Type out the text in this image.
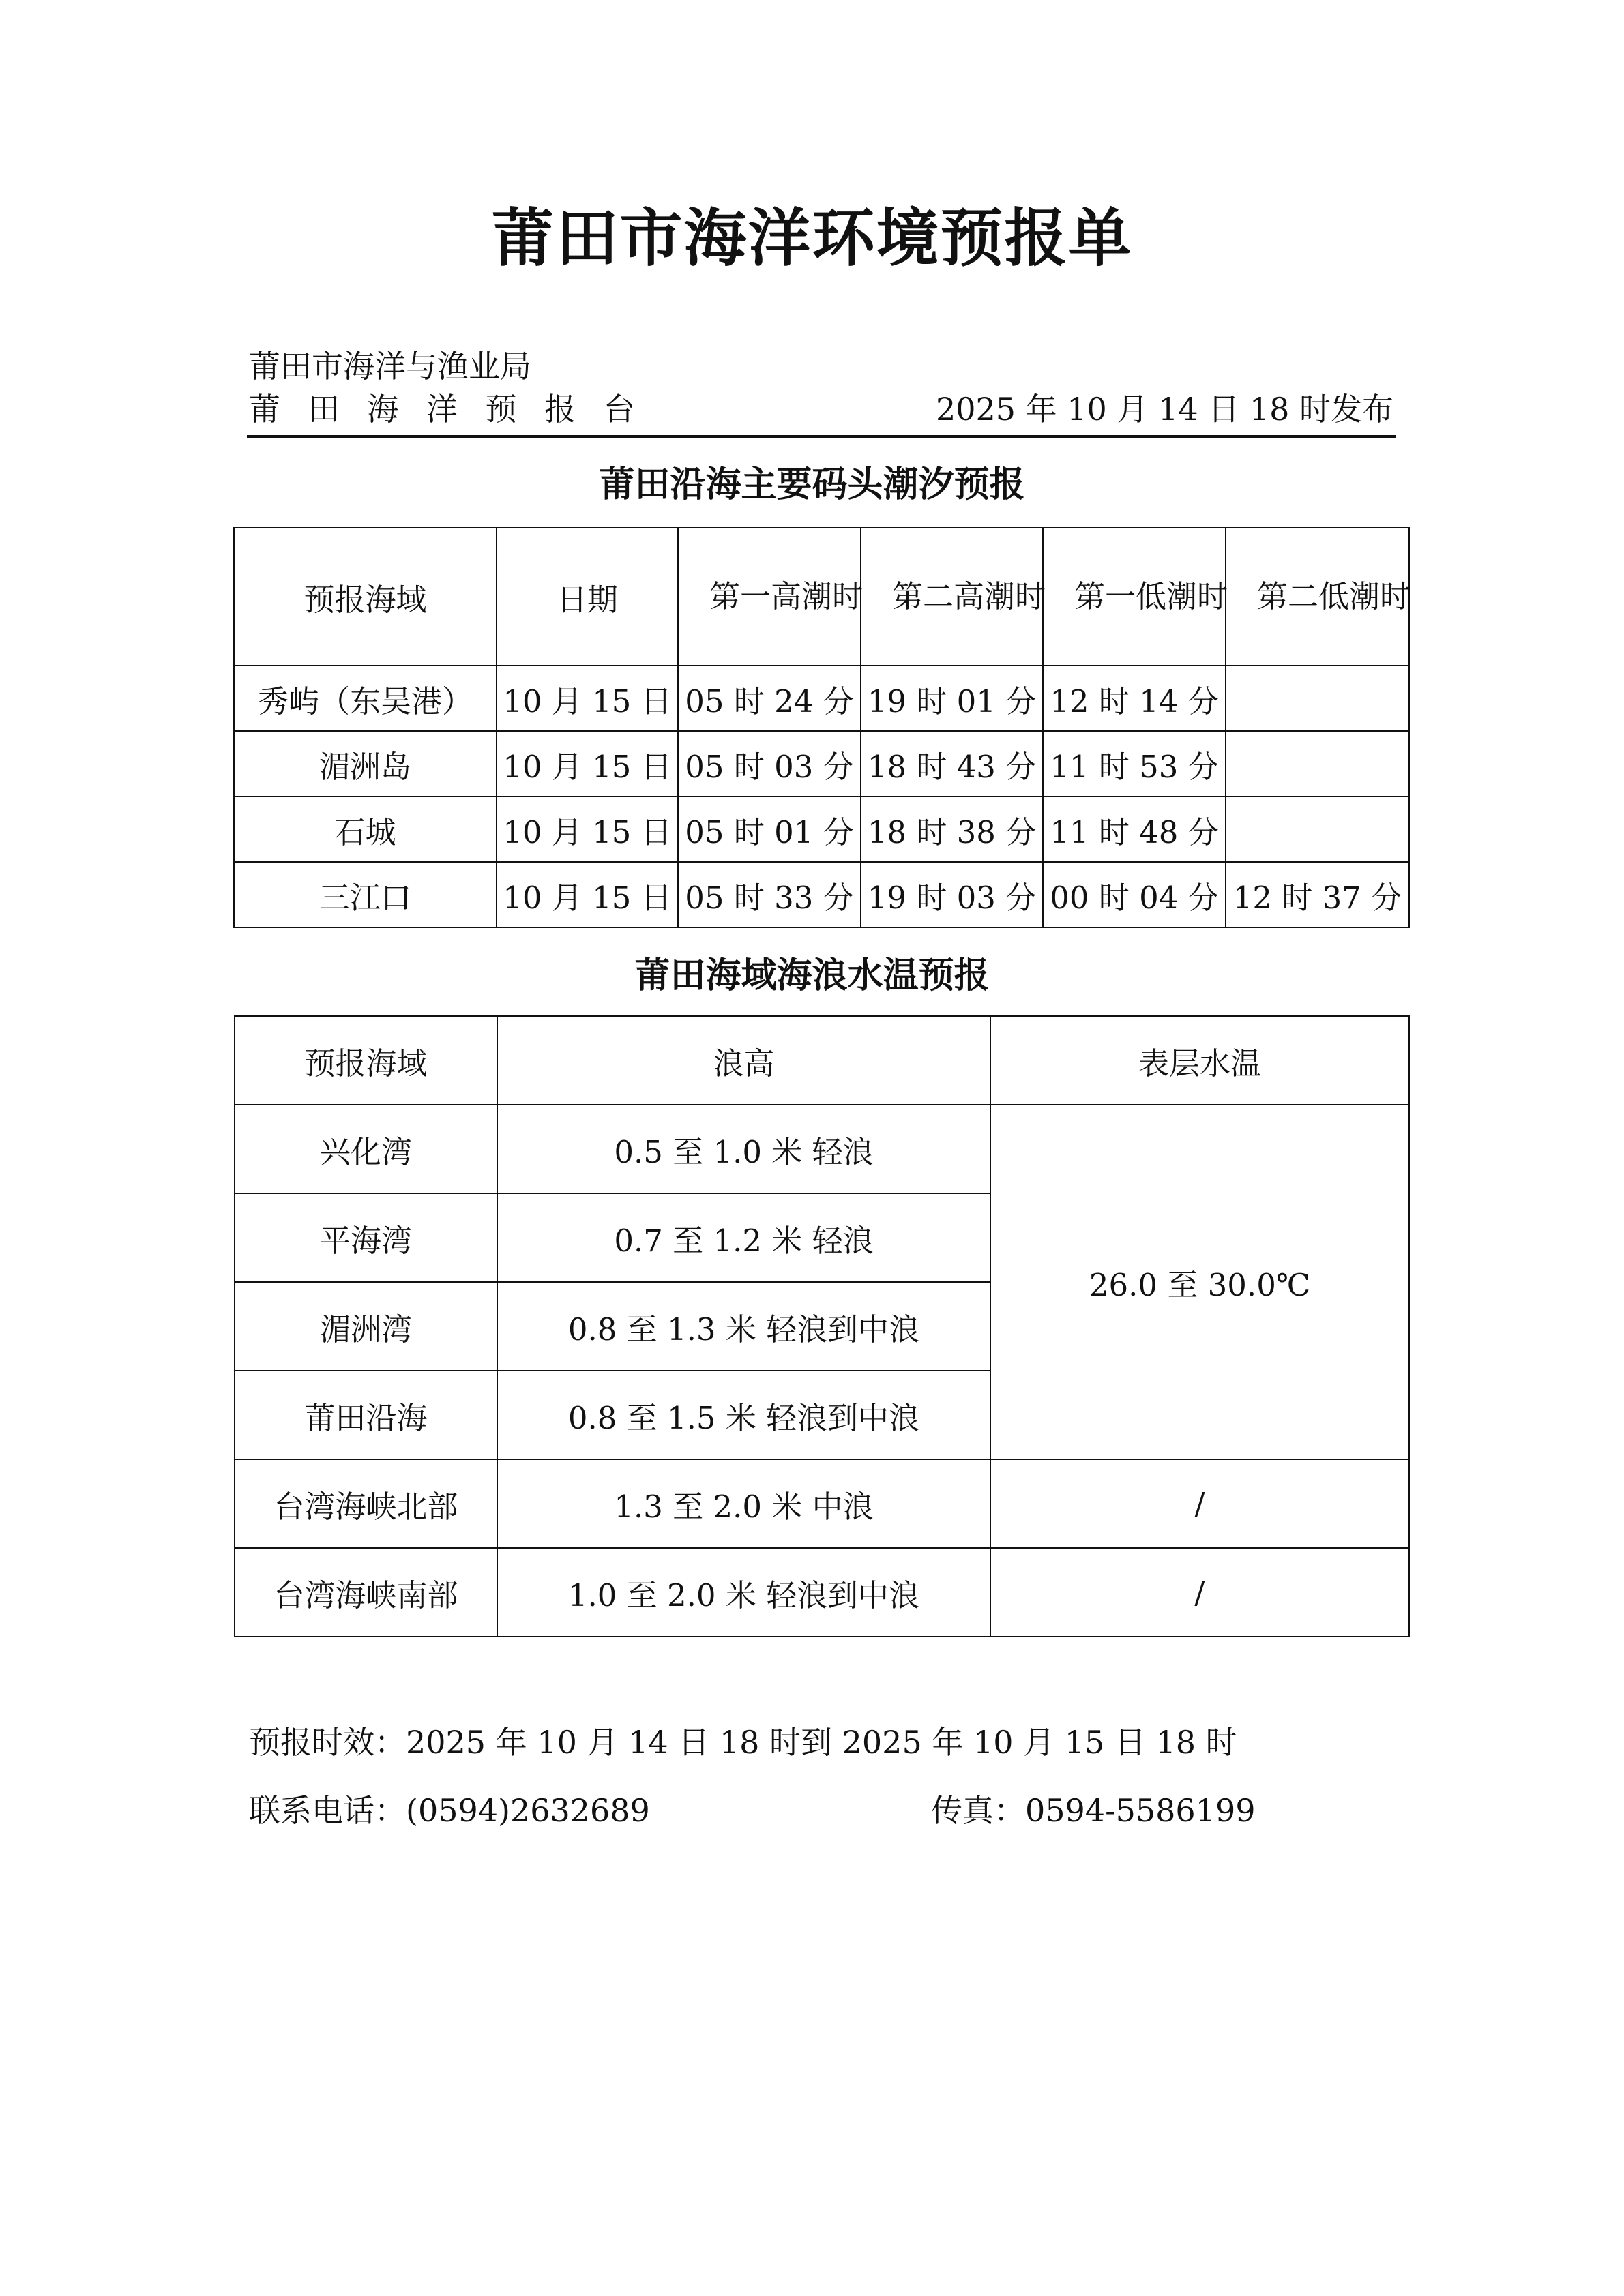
莆田市海洋环境预报单
莆田市海洋与渔业局
莆 田 海 洋 预 报 台	2025 年 10 月 14 日 18 时发布
莆田沿海主要码头潮汐预报
预报海域	日期	第一高潮时	第二高潮时	第一低潮时	第二低潮时

秀屿（东吴港）	10 月 15 日	05 时 24 分	19 时 01 分	12 时 14 分	
湄洲岛	10 月 15 日	05 时 03 分	18 时 43 分	11 时 53 分	
石城	10 月 15 日	05 时 01 分	18 时 38 分	11 时 48 分	
三江口	10 月 15 日	05 时 33 分	19 时 03 分	00 时 04 分	12 时 37 分
莆田海域海浪水温预报
预报海域	浪高	表层水温
兴化湾	0.5 至 1.0 米 轻浪	26.0 至 30.0℃
平海湾	0.7 至 1.2 米 轻浪	
湄洲湾	0.8 至 1.3 米 轻浪到中浪	
莆田沿海	0.8 至 1.5 米 轻浪到中浪	
台湾海峡北部	1.3 至 2.0 米 中浪	/
台湾海峡南部	1.0 至 2.0 米 轻浪到中浪	/
预报时效：2025 年 10 月 14 日 18 时到 2025 年 10 月 15 日 18 时
联系电话：(0594)2632689	传真：0594-5586199
